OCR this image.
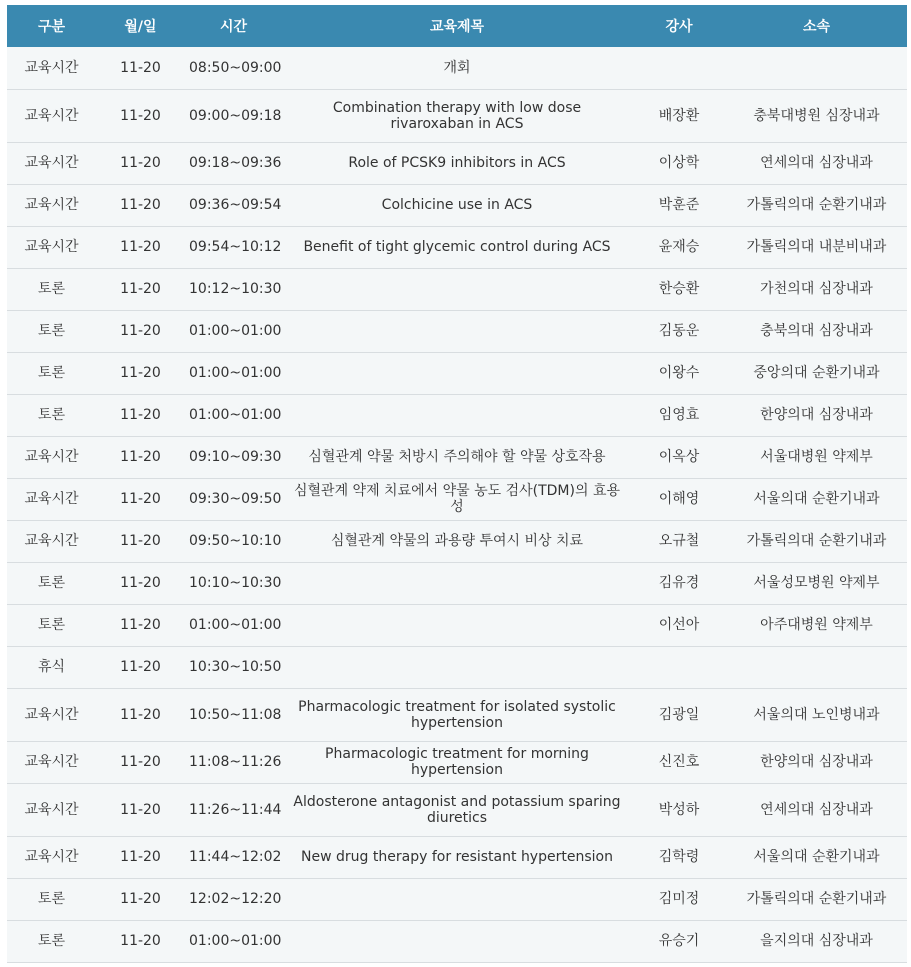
구분	월/일	시간	교육제목	강사	소속
교육시간	11-20	08:50~09:00	개회		
교육시간	11-20	09:00~09:18	Combination therapy with low dose rivaroxaban in ACS	배장환	충북대병원 심장내과
교육시간	11-20	09:18~09:36	Role of PCSK9 inhibitors in ACS	이상학	연세의대 심장내과
교육시간	11-20	09:36~09:54	Colchicine use in ACS	박훈준	가톨릭의대 순환기내과
교육시간	11-20	09:54~10:12	Benefit of tight glycemic control during ACS	윤재승	가톨릭의대 내분비내과
토론	11-20	10:12~10:30		한승환	가천의대 심장내과
토론	11-20	01:00~01:00		김동운	충북의대 심장내과
토론	11-20	01:00~01:00		이왕수	중앙의대 순환기내과
토론	11-20	01:00~01:00		임영효	한양의대 심장내과
교육시간	11-20	09:10~09:30	심혈관계 약물 처방시 주의해야 할 약물 상호작용	이옥상	서울대병원 약제부
교육시간	11-20	09:30~09:50	심혈관계 약제 치료에서 약물 농도 검사(TDM)의 효용성	이해영	서울의대 순환기내과
교육시간	11-20	09:50~10:10	심혈관계 약물의 과용량 투여시 비상 치료	오규철	가톨릭의대 순환기내과
토론	11-20	10:10~10:30		김유경	서울성모병원 약제부
토론	11-20	01:00~01:00		이선아	아주대병원 약제부
휴식	11-20	10:30~10:50			
교육시간	11-20	10:50~11:08	Pharmacologic treatment for isolated systolic hypertension	김광일	서울의대 노인병내과
교육시간	11-20	11:08~11:26	Pharmacologic treatment for morning hypertension	신진호	한양의대 심장내과
교육시간	11-20	11:26~11:44	Aldosterone antagonist and potassium sparing diuretics	박성하	연세의대 심장내과
교육시간	11-20	11:44~12:02	New drug therapy for resistant hypertension	김학령	서울의대 순환기내과
토론	11-20	12:02~12:20		김미정	가톨릭의대 순환기내과
토론	11-20	01:00~01:00		유승기	을지의대 심장내과
